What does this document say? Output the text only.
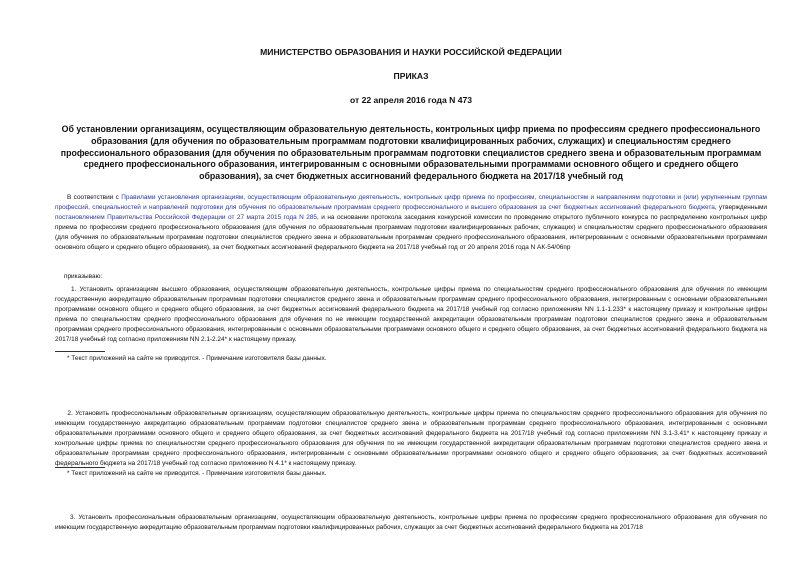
МИНИСТЕРСТВО ОБРАЗОВАНИЯ И НАУКИ РОССИЙСКОЙ ФЕДЕРАЦИИ
ПРИКАЗ
от 22 апреля 2016 года N 473
Об установлении организациям, осуществляющим образовательную деятельность, контрольных цифр приема по профессиям среднего профессионального образования (для обучения по образовательным программам подготовки квалифицированных рабочих, служащих) и специальностям среднего профессионального образования (для обучения по образовательным программам подготовки специалистов среднего звена и образовательным программам среднего профессионального образования, интегрированным с основными образовательными программами основного общего и среднего общего образования), за счет бюджетных ассигнований федерального бюджета на 2017/18 учебный год
В соответствии с Правилами установления организациям, осуществляющим образовательную деятельность, контрольных цифр приема по профессиям, специальностям и направлениям подготовки и (или) укрупненным группам профессий, специальностей и направлений подготовки для обучения по образовательным программам среднего профессионального и высшего образования за счет бюджетных ассигнований федерального бюджета, утвержденными постановлением Правительства Российской Федерации от 27 марта 2015 года N 285, и на основании протокола заседания конкурсной комиссии по проведению открытого публичного конкурса по распределению контрольных цифр приема по профессиям среднего профессионального образования (для обучения по образовательным программам подготовки квалифицированных рабочих, служащих) и специальностям среднего профессионального образования (для обучения по образовательным программам подготовки специалистов среднего звена и образовательным программам среднего профессионального образования, интегрированным с основными образовательными программами основного общего и среднего общего образования), за счет бюджетных ассигнований федерального бюджета на 2017/18 учебный год от 20 апреля 2016 года N АК-54/06пр
приказываю:
1. Установить организациям высшего образования, осуществляющим образовательную деятельность, контрольные цифры приема по специальностям среднего профессионального образования для обучения по имеющим государственную аккредитацию образовательным программам подготовки специалистов среднего звена и образовательным программам среднего профессионального образования, интегрированным с основными образовательными программами основного общего и среднего общего образования, за счет бюджетных ассигнований федерального бюджета на 2017/18 учебный год согласно приложениям NN 1.1-1.233* к настоящему приказу и контрольные цифры приема по специальностям среднего профессионального образования для обучения по не имеющим государственной аккредитации образовательным программам подготовки специалистов среднего звена и образовательным программам среднего профессионального образования, интегрированным с основными образовательными программами основного общего и среднего общего образования, за счет бюджетных ассигнований федерального бюджета на 2017/18 учебный год согласно приложениям NN 2.1-2.24* к настоящему приказу.
* Текст приложений на сайте не приводится. - Примечание изготовителя базы данных.
2. Установить профессиональным образовательным организациям, осуществляющим образовательную деятельность, контрольные цифры приема по специальностям среднего профессионального образования для обучения по имеющим государственную аккредитацию образовательным программам подготовки специалистов среднего звена и образовательным программам среднего профессионального образования, интегрированным с основными образовательными программами основного общего и среднего общего образования, за счет бюджетных ассигнований федерального бюджета на 2017/18 учебный год согласно приложениям NN 3.1-3.41* к настоящему приказу и контрольные цифры приема по специальностям среднего профессионального образования для обучения по не имеющим государственной аккредитации образовательным программам подготовки специалистов среднего звена и образовательным программам среднего профессионального образования, интегрированным с основными образовательными программами основного общего и среднего общего образования, за счет бюджетных ассигнований федерального бюджета на 2017/18 учебный год согласно приложению N 4.1* к настоящему приказу.
* Текст приложений на сайте не приводится. - Примечание изготовителя базы данных.
3. Установить профессиональным образовательным организациям, осуществляющим образовательную деятельность, контрольные цифры приема по профессиям среднего профессионального образования для обучения по имеющим государственную аккредитацию образовательным программам подготовки квалифицированных рабочих, служащих за счет бюджетных ассигнований федерального бюджета на 2017/18
